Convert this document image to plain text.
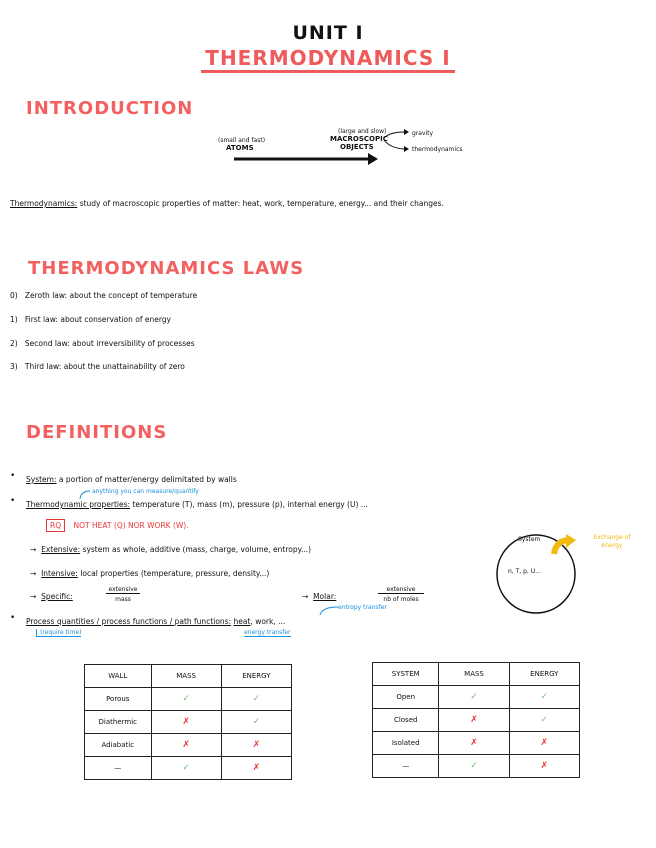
UNIT I
THERMODYNAMICS I
INTRODUCTION
(small and fast)
ATOMS
(large and slow)
MACROSCOPIC
OBJECTS
gravity
thermodynamics
Thermodynamics: study of macroscopic properties of matter: heat, work, temperature, energy... and their changes.
THERMODYNAMICS LAWS
0) Zeroth law: about the concept of temperature
1) First law: about conservation of energy
2) Second law: about irreversibility of processes
3) Third law: about the unattainability of zero
DEFINITIONS
• System: a portion of matter/energy delimitated by walls
anything you can measure/quantify
• Thermodynamic properties: temperature (T), mass (m), pressure (p), internal energy (U) ...
RQ NOT HEAT (Q) NOR WORK (W).
→ Extensive: system as whole, additive (mass, charge, volume, entropy...)
→ Intensive: local properties (temperature, pressure, density...)
→ Specific:
extensive
mass	→ Molar:
extensive
nb of moles
entropy transfer
• Process quantities / process functions / path functions: heat, work, ...
(require time)	energy transfer
System
n, T, p, U...
Exchange of
energy
WALL	MASS	ENERGY
Porous	✓	✓
Diathermic	✗	✓
Adiabatic	✗	✗
—	✓	✗
SYSTEM	MASS	ENERGY
Open	✓	✓
Closed	✗	✓
Isolated	✗	✗
—	✓	✗
